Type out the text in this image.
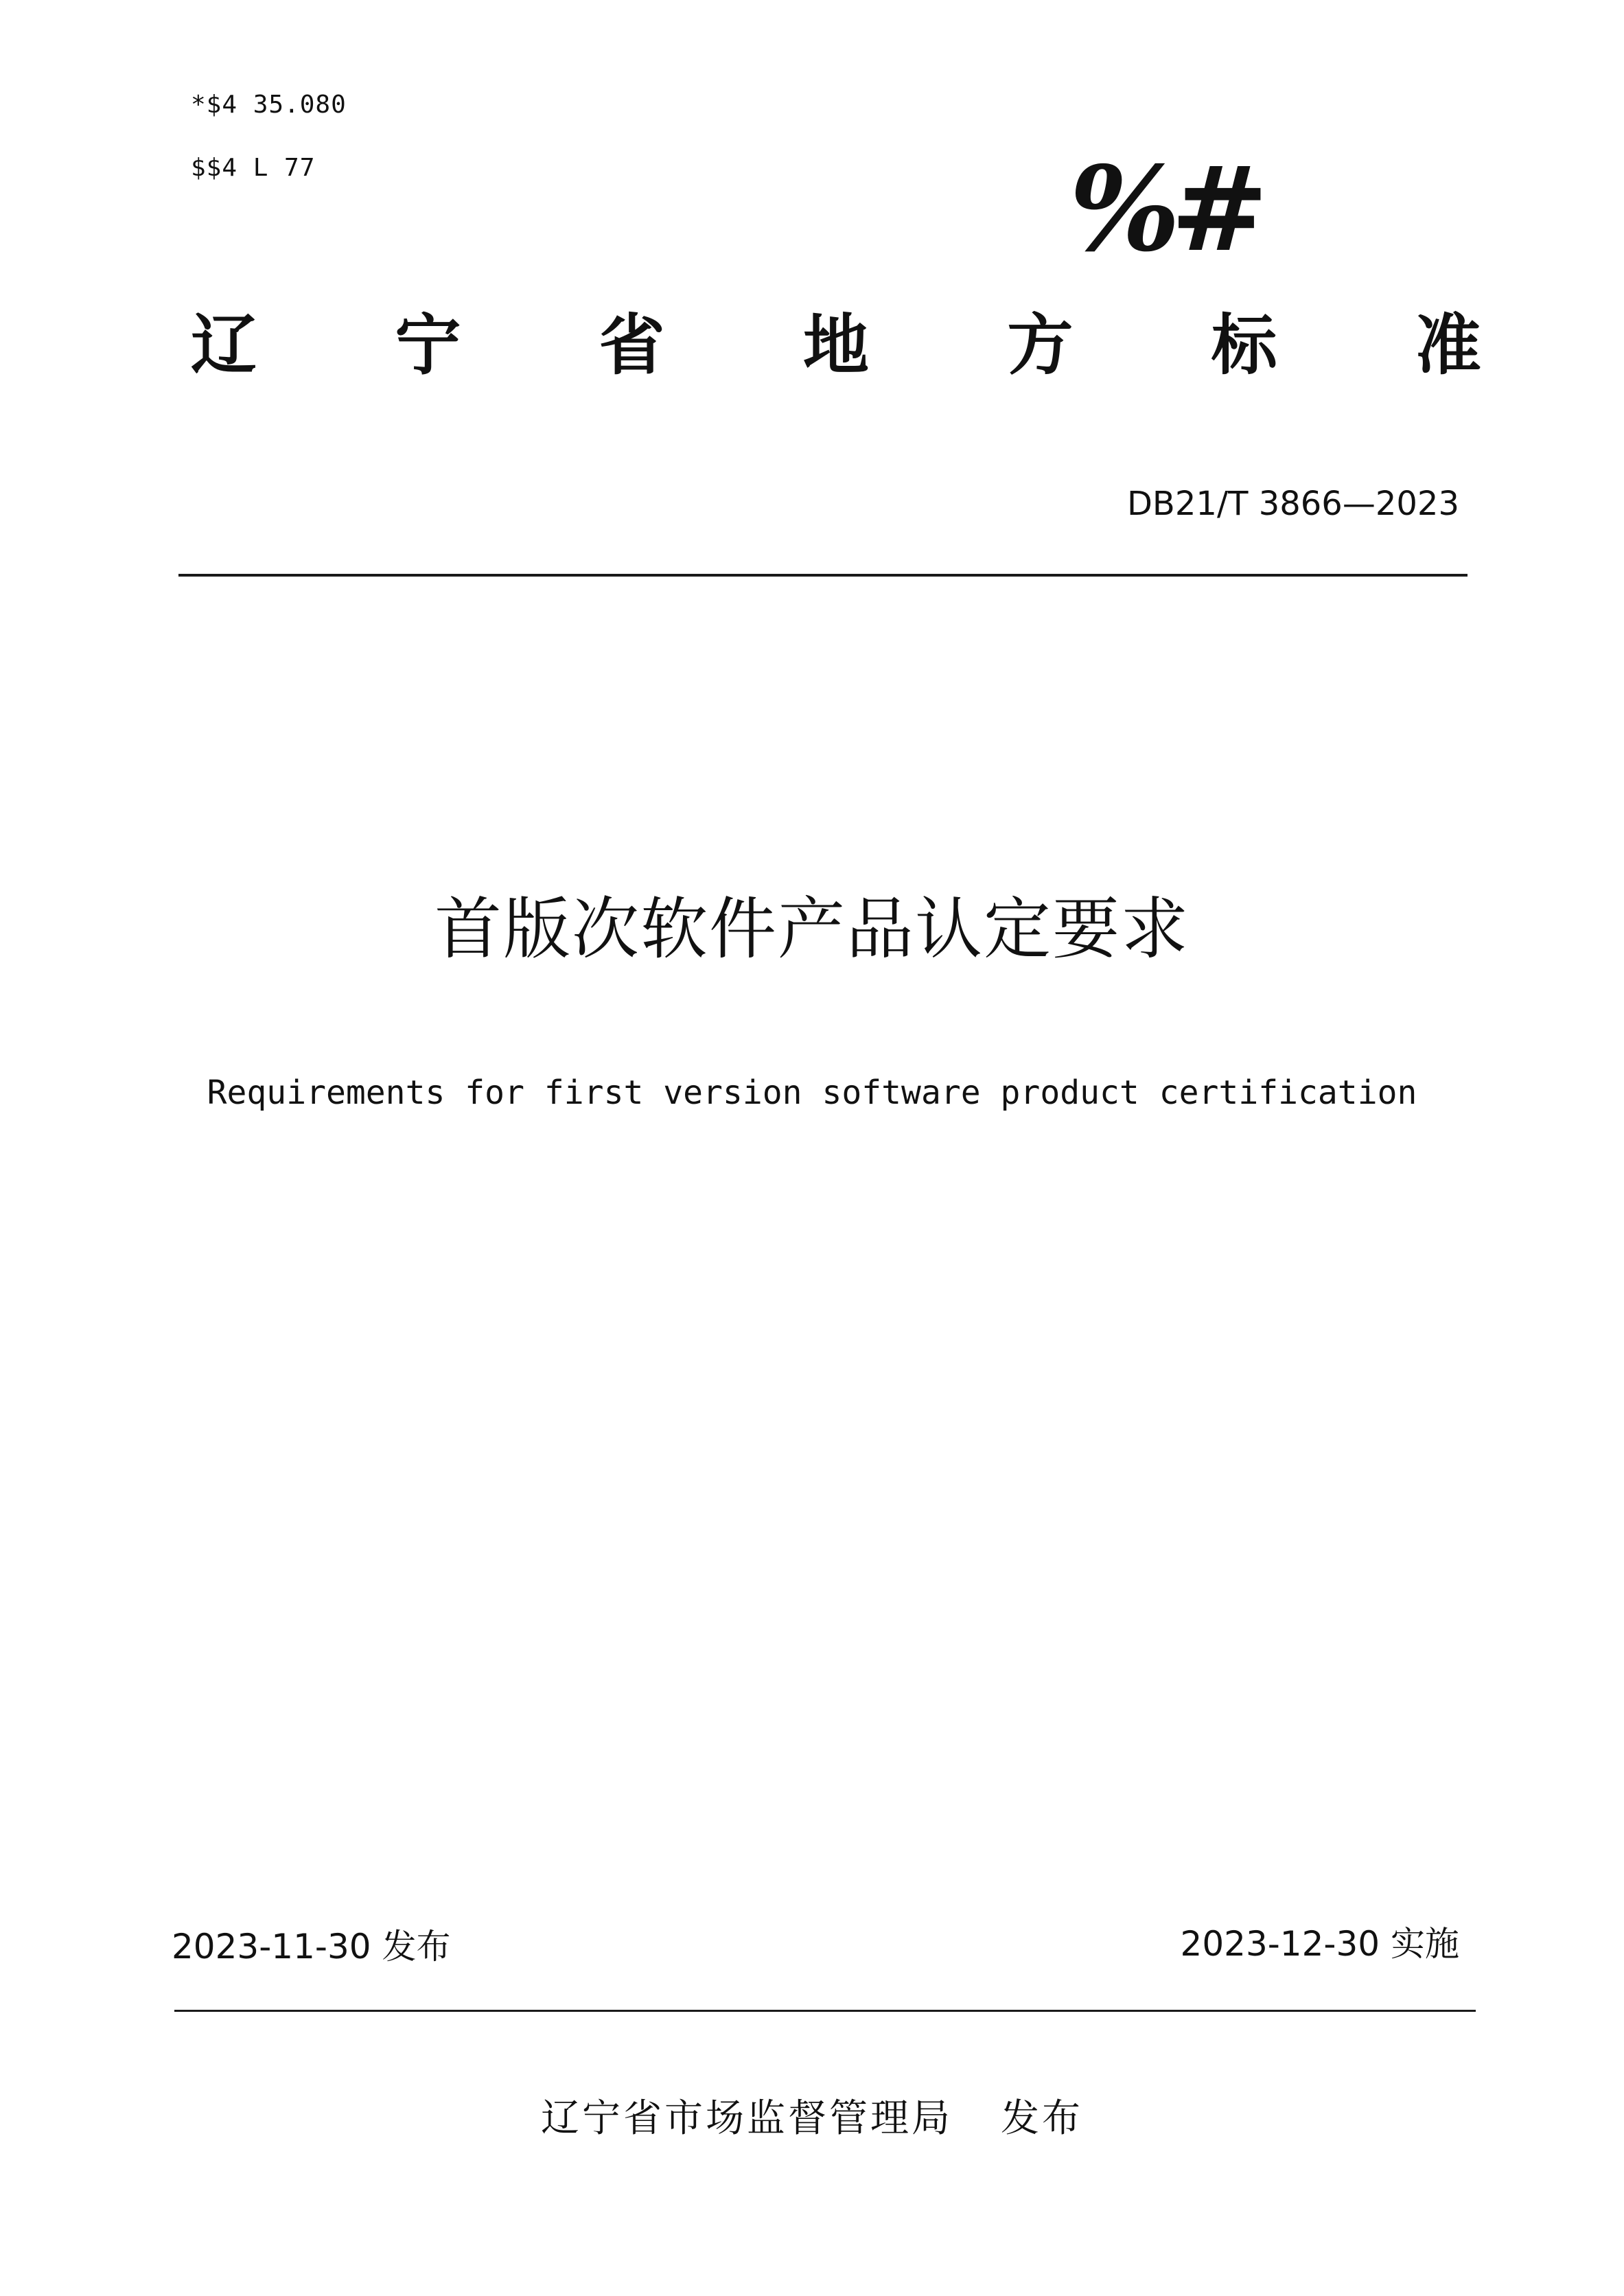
*$4 35.080
$$4 L 77	%#
辽 宁 省 地 方 标 准
DB21/T 3866—2023
首版次软件产品认定要求
Requirements for first version software product certification
2023-11-30 发布	2023-12-30 实施
辽宁省市场监督管理局 发布
